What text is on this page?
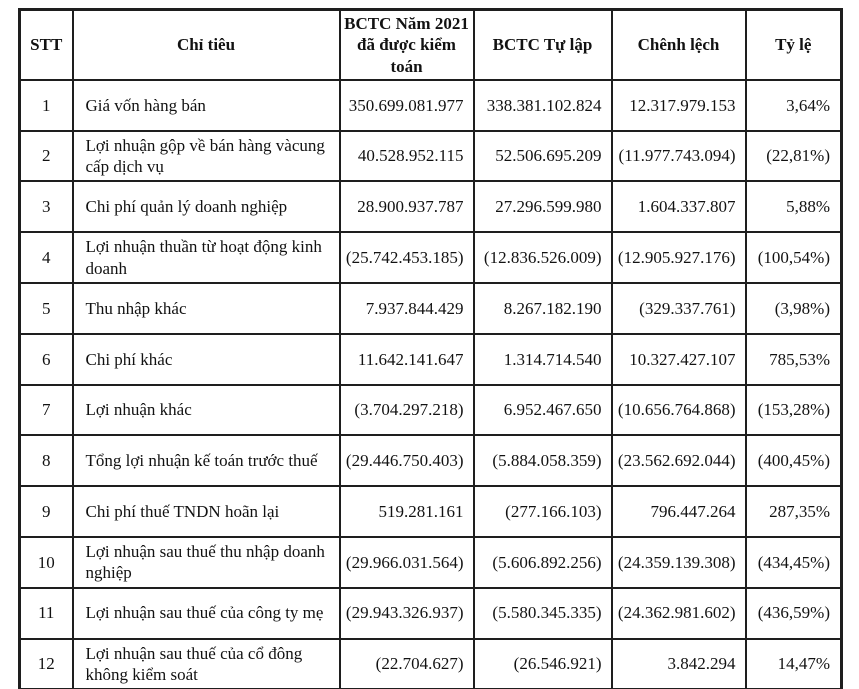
STT	Chỉ tiêu	BCTC Năm 2021 đã được kiểm toán	BCTC Tự lập	Chênh lệch	Tỷ lệ
1	Giá vốn hàng bán	350.699.081.977	338.381.102.824	12.317.979.153	3,64%
2	Lợi nhuận gộp về bán hàng vàcung cấp dịch vụ	40.528.952.115	52.506.695.209	(11.977.743.094)	(22,81%)
3	Chi phí quản lý doanh nghiệp	28.900.937.787	27.296.599.980	1.604.337.807	5,88%
4	Lợi nhuận thuần từ hoạt động kinh doanh	(25.742.453.185)	(12.836.526.009)	(12.905.927.176)	(100,54%)
5	Thu nhập khác	7.937.844.429	8.267.182.190	(329.337.761)	(3,98%)
6	Chi phí khác	11.642.141.647	1.314.714.540	10.327.427.107	785,53%
7	Lợi nhuận khác	(3.704.297.218)	6.952.467.650	(10.656.764.868)	(153,28%)
8	Tổng lợi nhuận kế toán trước thuế	(29.446.750.403)	(5.884.058.359)	(23.562.692.044)	(400,45%)
9	Chi phí thuế TNDN hoãn lại	519.281.161	(277.166.103)	796.447.264	287,35%
10	Lợi nhuận sau thuế thu nhập doanh nghiệp	(29.966.031.564)	(5.606.892.256)	(24.359.139.308)	(434,45%)
11	Lợi nhuận sau thuế của công ty mẹ	(29.943.326.937)	(5.580.345.335)	(24.362.981.602)	(436,59%)
12	Lợi nhuận sau thuế của cổ đông không kiểm soát	(22.704.627)	(26.546.921)	3.842.294	14,47%
